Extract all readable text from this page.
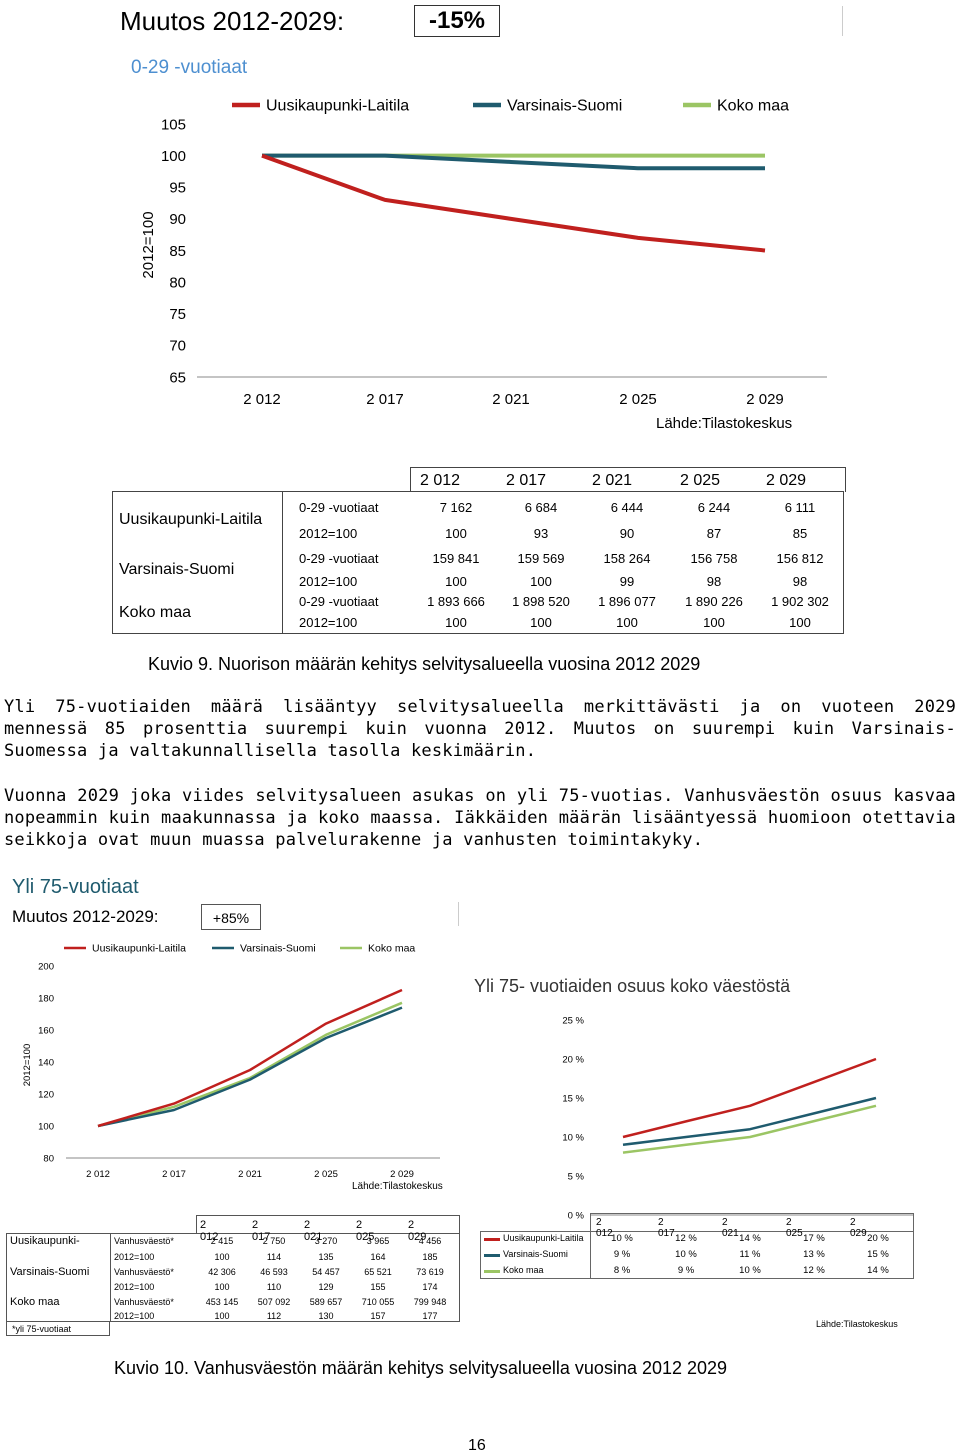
Muutos 2012-2029:	-15%
0-29 -vuotiaat
65
70
75
80
85
90
95
100
105
2 012	2 017	2 021	2 025	2 029
2012=100
Uusikaupunki-Laitila	Varsinais-Suomi	Koko maa
Lähde:Tilastokeskus
2 012	2 017	2 021	2 025	2 029
Uusikaupunki-Laitila
Varsinais-Suomi
Koko maa
0-29 -vuotiaat	7 162	6 684	6 444	6 244	6 111
2012=100	100	93	90	87	85
0-29 -vuotiaat	159 841	159 569	158 264	156 758	156 812
2012=100	100	100	99	98	98
0-29 -vuotiaat	1 893 666	1 898 520	1 896 077	1 890 226	1 902 302
2012=100	100	100	100	100	100
Kuvio 9. Nuorison määrän kehitys selvitysalueella vuosina 2012 2029
Yli 75-vuotiaiden määrä lisääntyy selvitysalueella merkittävästi ja on vuoteen 2029 mennessä 85 prosenttia suurempi kuin vuonna 2012. Muutos on suurempi kuin Varsinais-Suomessa ja valtakunnallisella tasolla keskimäärin.
Vuonna 2029 joka viides selvitysalueen asukas on yli 75-vuotias. Vanhusväestön osuus kasvaa nopeammin kuin maakunnassa ja koko maassa. Iäkkäiden määrän lisääntyessä huomioon otettavia seikkoja ovat muun muassa palvelurakenne ja vanhusten toimintakyky.
Yli 75-vuotiaat
Muutos 2012-2029:	+85%
80
100
120
140
160
180
200
2 012	2 017	2 021	2 025	2 029
2012=100
Uusikaupunki-Laitila	Varsinais-Suomi	Koko maa
Lähde:Tilastokeskus
*yli 75-vuotiaat
2 012
2 017
2 021
2 025
2 029
Uusikaupunki-
Varsinais-Suomi
Koko maa
Vanhusväestö*	2 415	2 750	3 270	3 965	4 456
2012=100	100	114	135	164	185
Vanhusväestö*	42 306	46 593	54 457	65 521	73 619
2012=100	100	110	129	155	174
Vanhusväestö*	453 145	507 092	589 657	710 055	799 948
2012=100	100	112	130	157	177
Yli 75- vuotiaiden osuus koko väestöstä
0 %
5 %
10 %
15 %
20 %
25 %
2 012
2 017
2 021
2 025
2 029
Uusikaupunki-Laitila	10 %	12 %	14 %	17 %	20 %
Varsinais-Suomi	9 %	10 %	11 %	13 %	15 %
Koko maa	8 %	9 %	10 %	12 %	14 %
Lähde:Tilastokeskus
Kuvio 10. Vanhusväestön määrän kehitys selvitysalueella vuosina 2012 2029
16
